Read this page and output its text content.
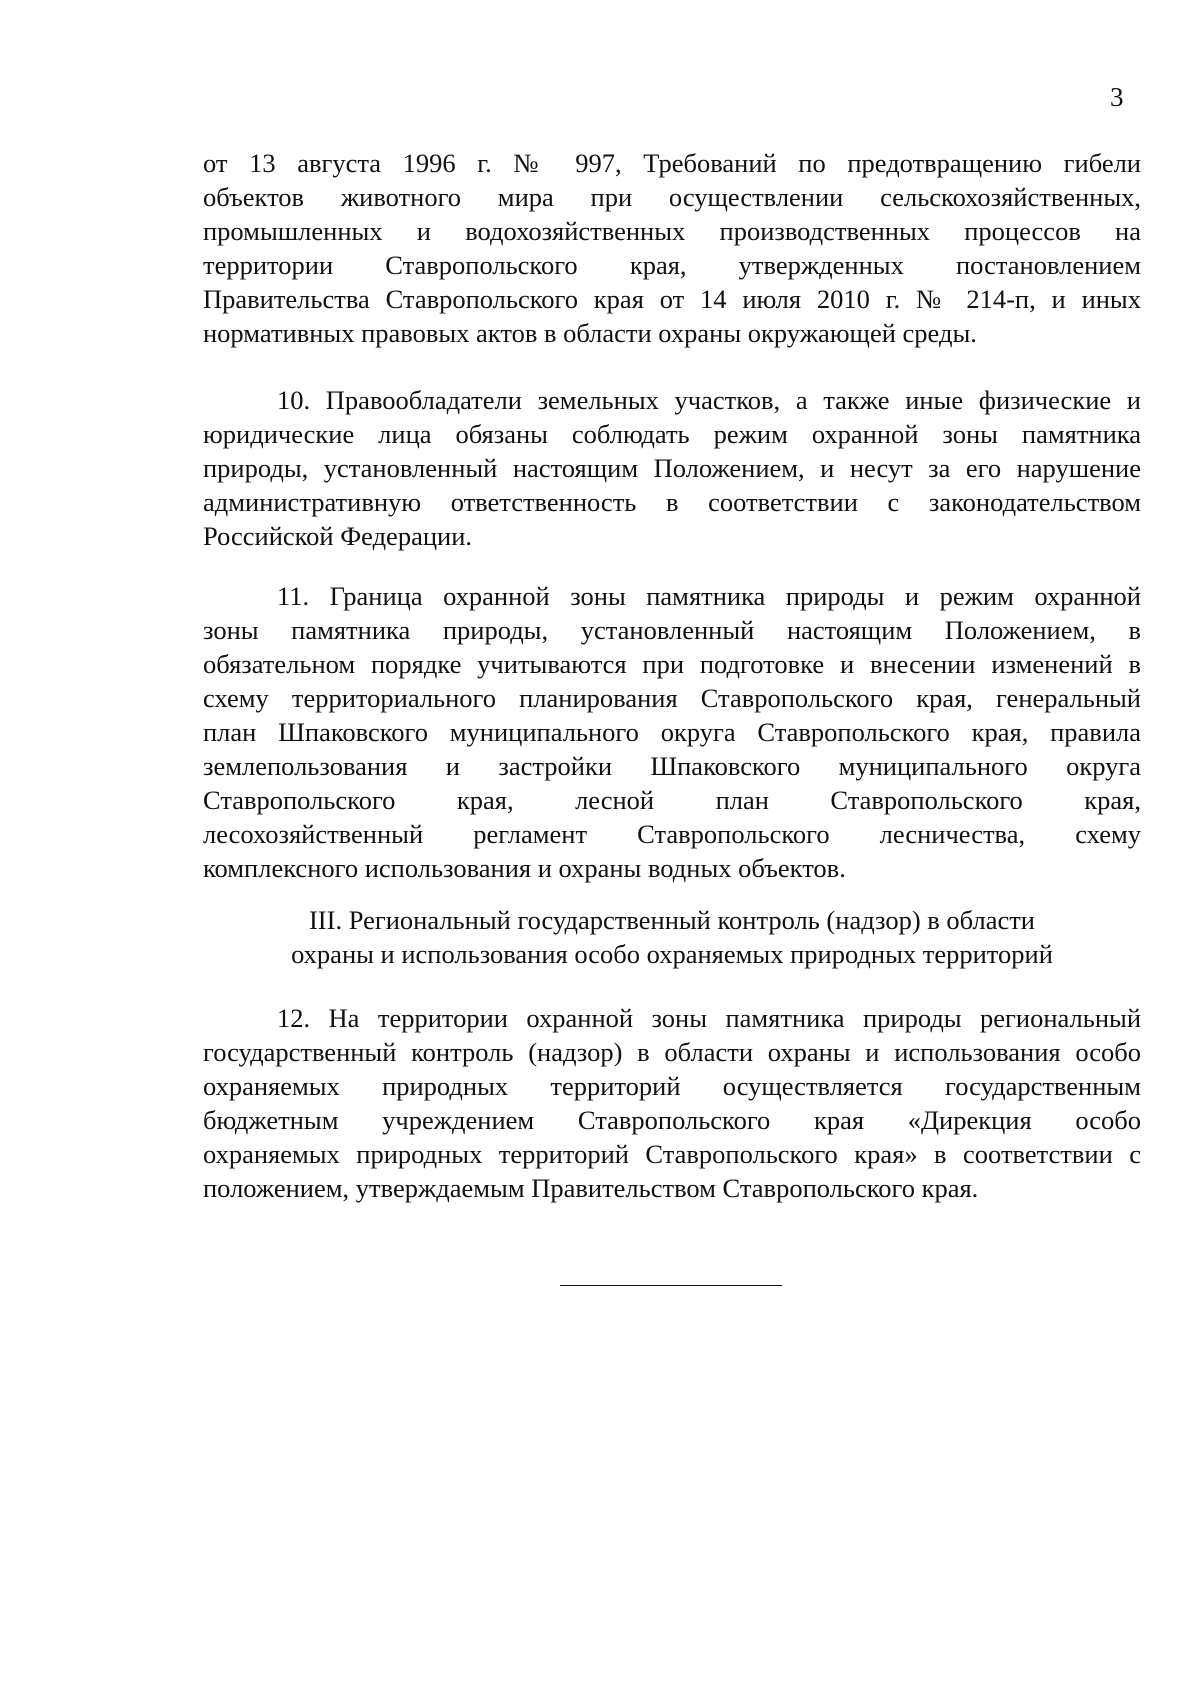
3
от 13 августа 1996 г. № 997, Требований по предотвращению гибели
объектов животного мира при осуществлении сельскохозяйственных,
промышленных и водохозяйственных производственных процессов на
территории Ставропольского края, утвержденных постановлением
Правительства Ставропольского края от 14 июля 2010 г. № 214-п, и иных
нормативных правовых актов в области охраны окружающей среды.
10. Правообладатели земельных участков, а также иные физические и
юридические лица обязаны соблюдать режим охранной зоны памятника
природы, установленный настоящим Положением, и несут за его нарушение
административную ответственность в соответствии с законодательством
Российской Федерации.
11. Граница охранной зоны памятника природы и режим охранной
зоны памятника природы, установленный настоящим Положением, в
обязательном порядке учитываются при подготовке и внесении изменений в
схему территориального планирования Ставропольского края, генеральный
план Шпаковского муниципального округа Ставропольского края, правила
землепользования и застройки Шпаковского муниципального округа
Ставропольского края, лесной план Ставропольского края,
лесохозяйственный регламент Ставропольского лесничества, схему
комплексного использования и охраны водных объектов.
III. Региональный государственный контроль (надзор) в области
охраны и использования особо охраняемых природных территорий
12. На территории охранной зоны памятника природы региональный
государственный контроль (надзор) в области охраны и использования особо
охраняемых природных территорий осуществляется государственным
бюджетным учреждением Ставропольского края «Дирекция особо
охраняемых природных территорий Ставропольского края» в соответствии с
положением, утверждаемым Правительством Ставропольского края.
